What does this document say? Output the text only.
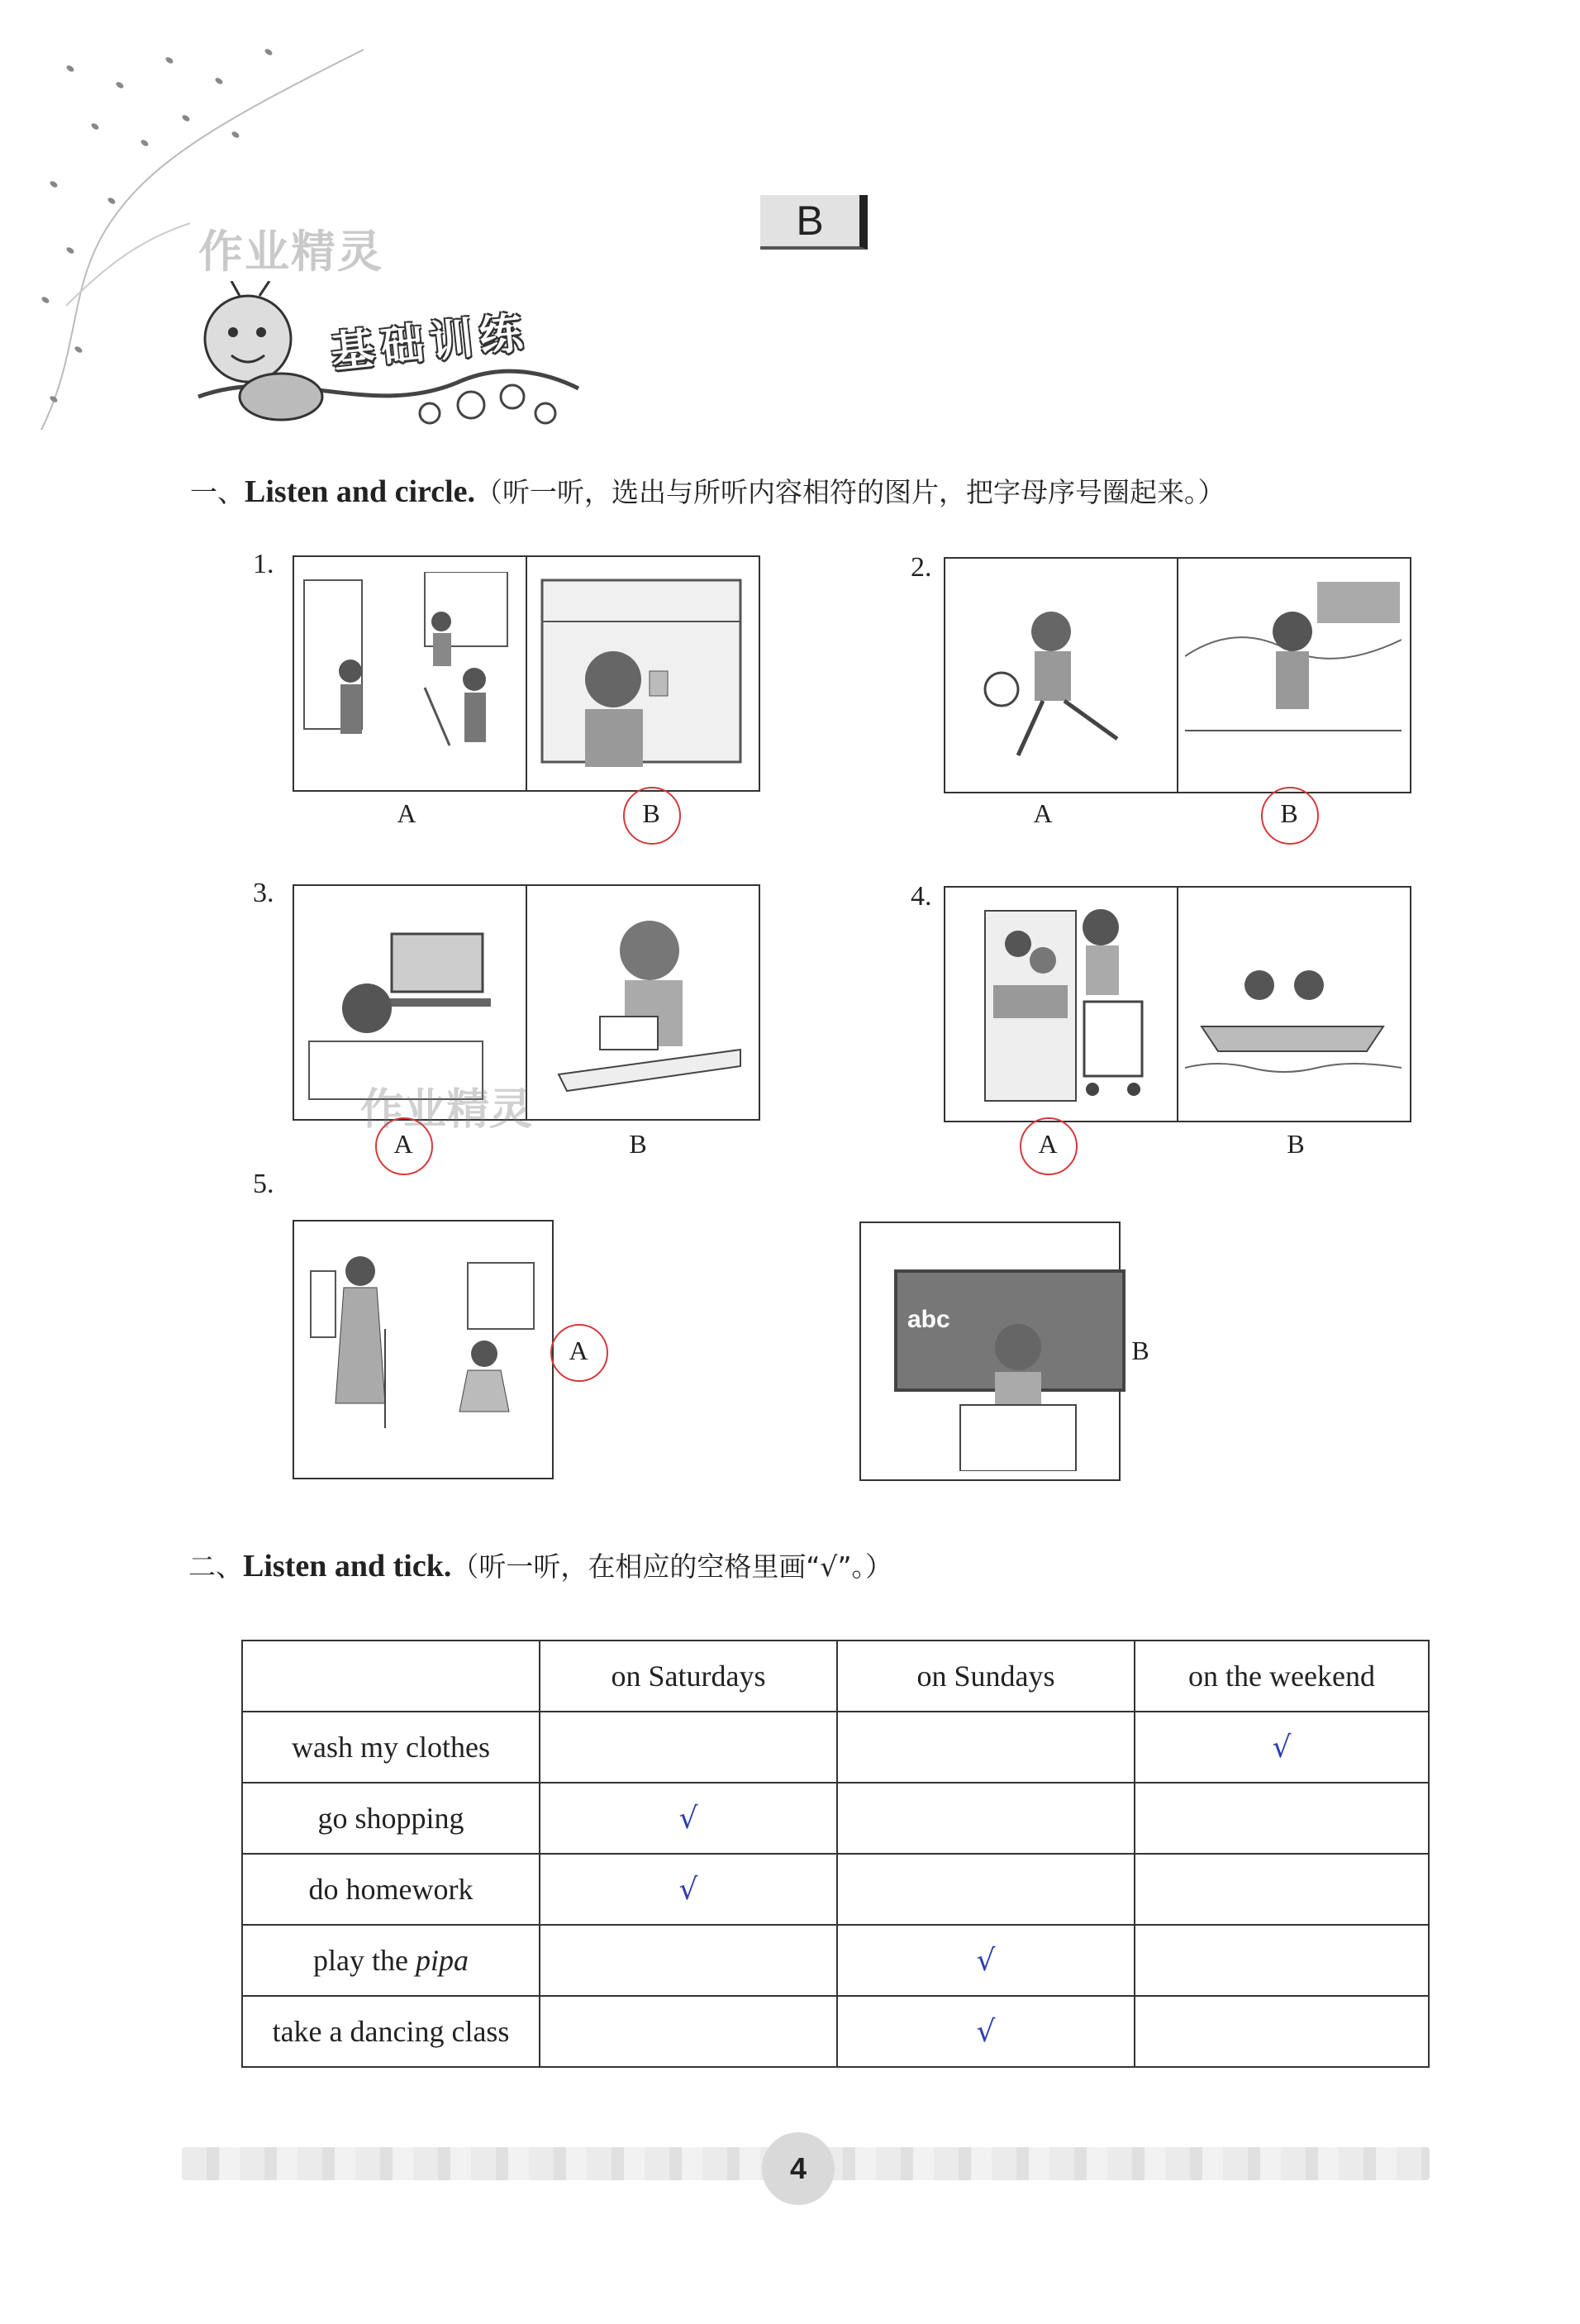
B
作业精灵
基础训练
一、Listen and circle.（听一听，选出与所听内容相符的图片，把字母序号圈起来。）
1.
A	B
2.
A	B
3.
A	B
4.
A	B
5.
A
abc
B
作业精灵
二、Listen and tick.（听一听，在相应的空格里画“√”。）
	on Saturdays	on Sundays	on the weekend
wash my clothes			√
go shopping	√		
do homework	√		
play the pipa		√	
take a dancing class		√	
4
